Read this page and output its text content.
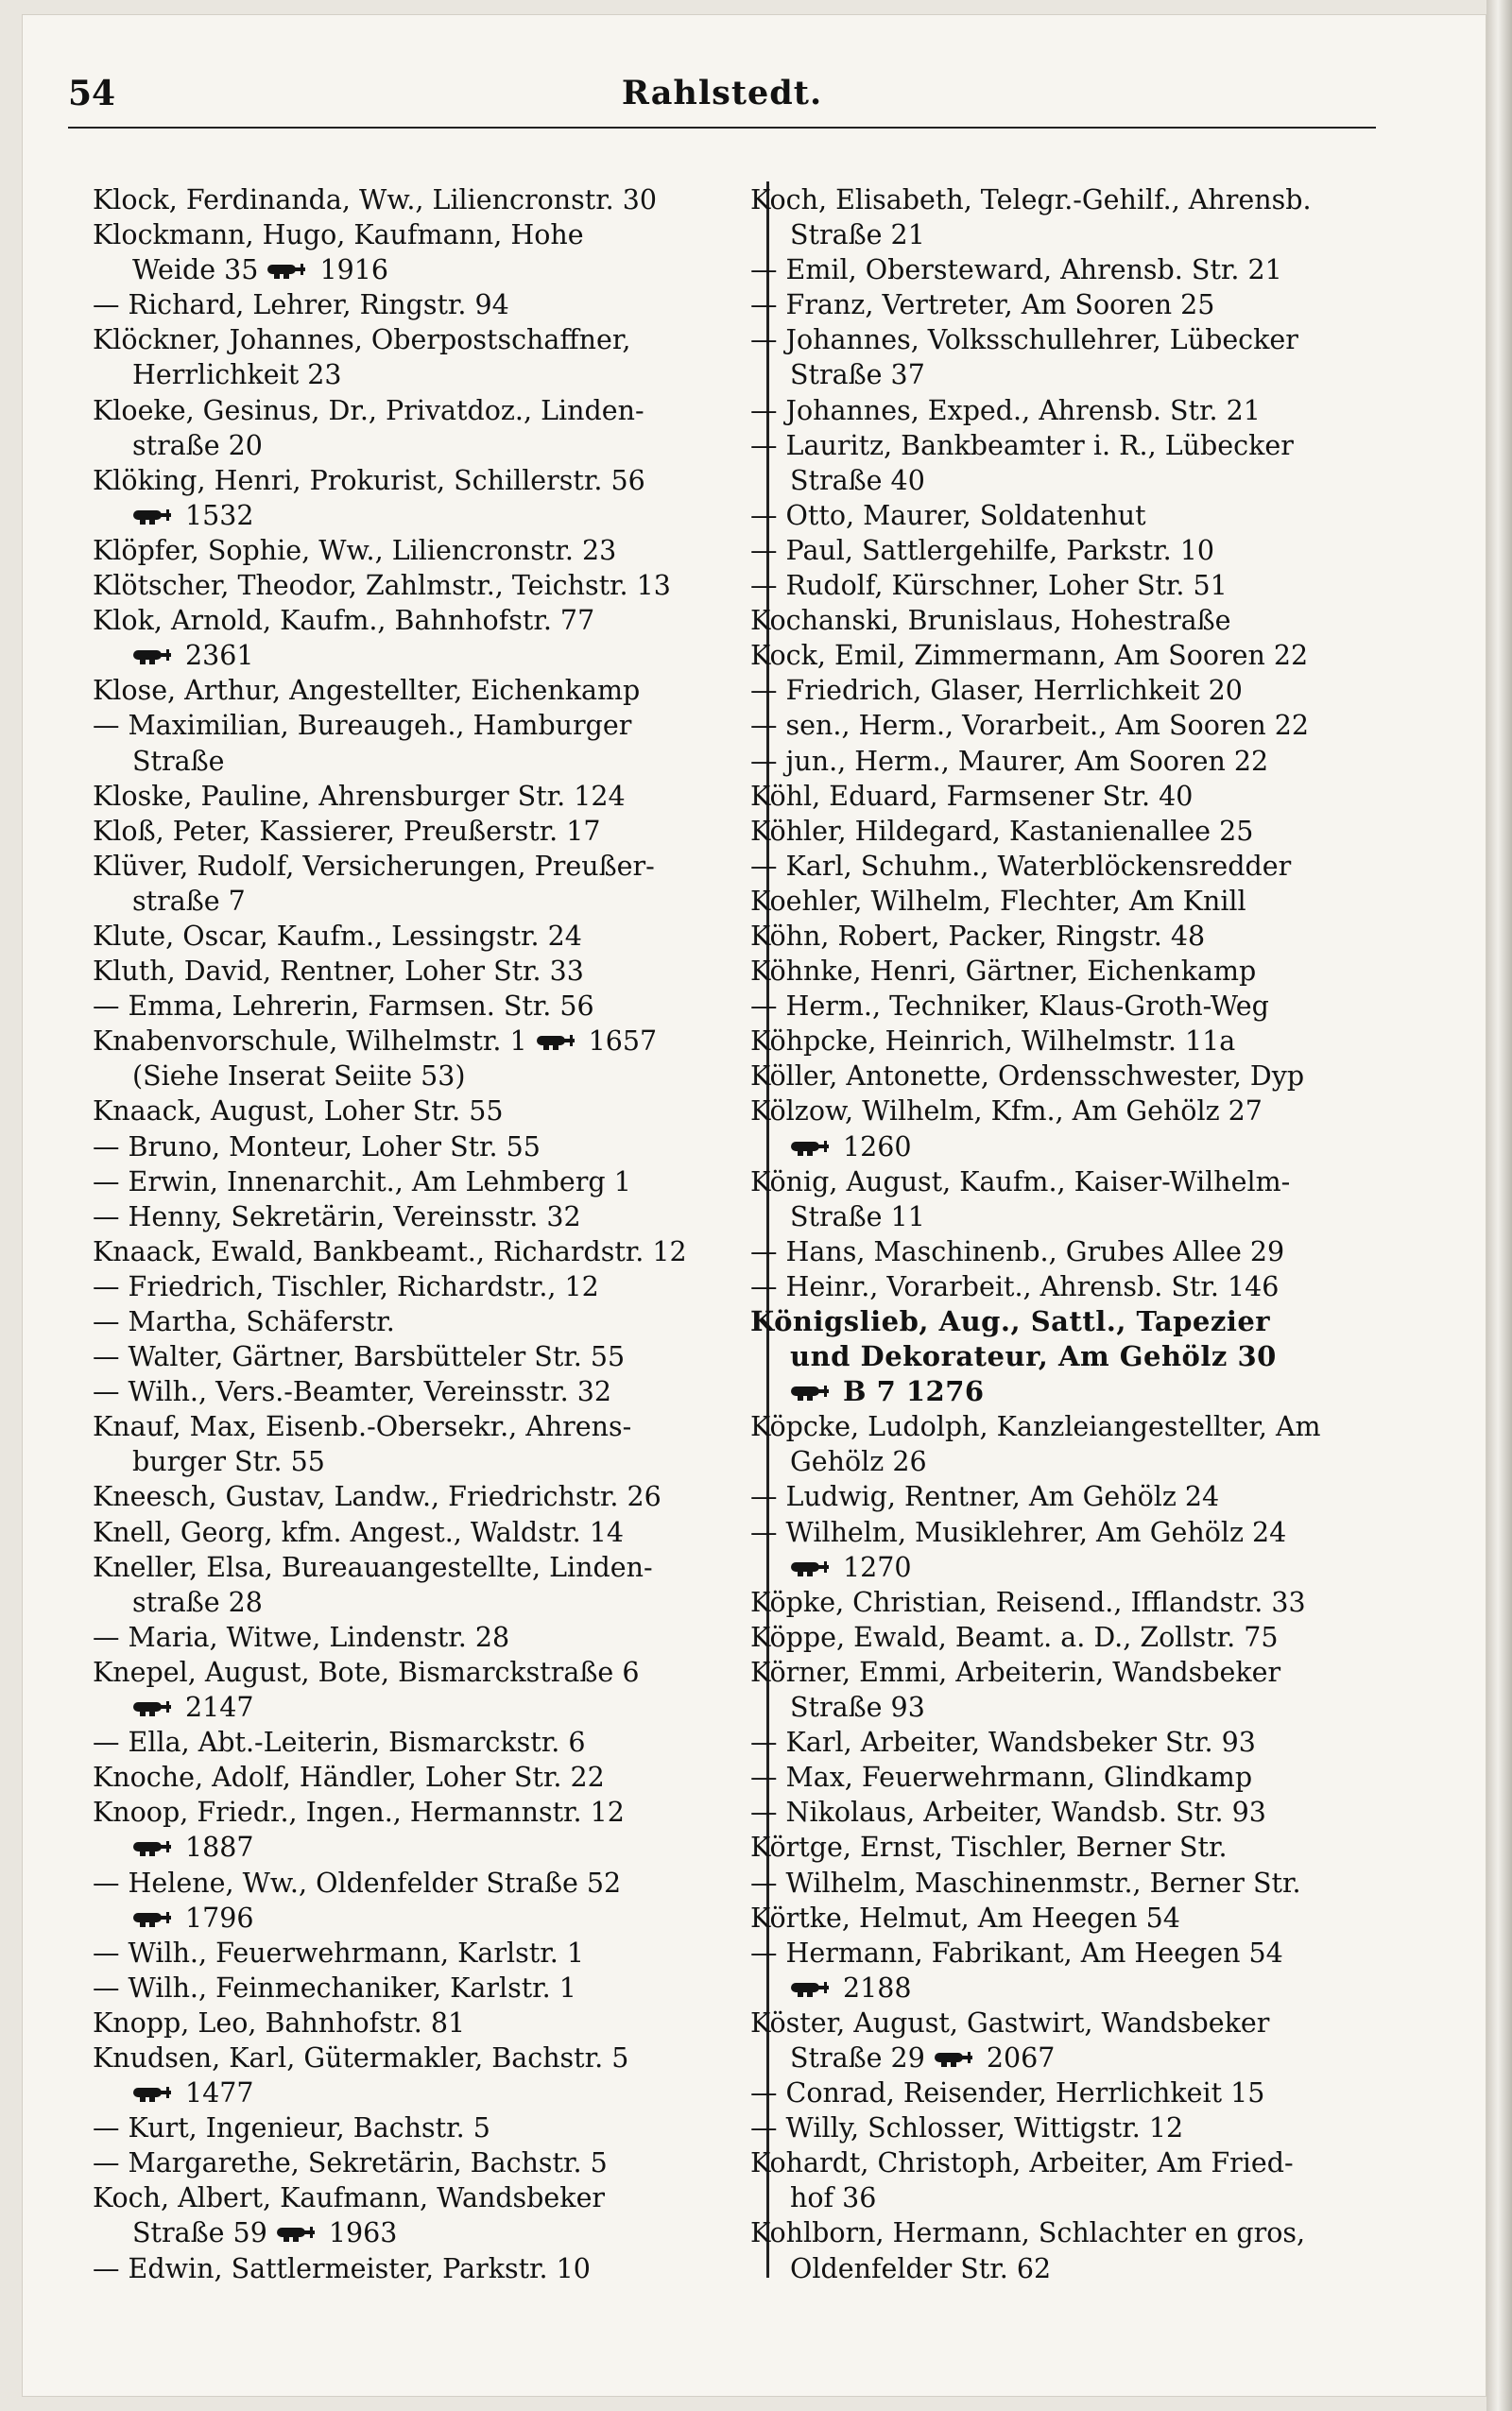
54	Rahlstedt.
Klock, Ferdinanda, Ww., Liliencronstr. 30
Klockmann, Hugo, Kaufmann, Hohe
Weide 35 1916
— Richard, Lehrer, Ringstr. 94
Klöckner, Johannes, Oberpostschaffner,
Herrlichkeit 23
Kloeke, Gesinus, Dr., Privatdoz., Linden-
straße 20
Klöking, Henri, Prokurist, Schillerstr. 56
1532
Klöpfer, Sophie, Ww., Liliencronstr. 23
Klötscher, Theodor, Zahlmstr., Teichstr. 13
Klok, Arnold, Kaufm., Bahnhofstr. 77
2361
Klose, Arthur, Angestellter, Eichenkamp
— Maximilian, Bureaugeh., Hamburger
Straße
Kloske, Pauline, Ahrensburger Str. 124
Kloß, Peter, Kassierer, Preußerstr. 17
Klüver, Rudolf, Versicherungen, Preußer-
straße 7
Klute, Oscar, Kaufm., Lessingstr. 24
Kluth, David, Rentner, Loher Str. 33
— Emma, Lehrerin, Farmsen. Str. 56
Knabenvorschule, Wilhelmstr. 1 1657
(Siehe Inserat Seiite 53)
Knaack, August, Loher Str. 55
— Bruno, Monteur, Loher Str. 55
— Erwin, Innenarchit., Am Lehmberg 1
— Henny, Sekretärin, Vereinsstr. 32
Knaack, Ewald, Bankbeamt., Richardstr. 12
— Friedrich, Tischler, Richardstr., 12
— Martha, Schäferstr.
— Walter, Gärtner, Barsbütteler Str. 55
— Wilh., Vers.-Beamter, Vereinsstr. 32
Knauf, Max, Eisenb.-Obersekr., Ahrens-
burger Str. 55
Kneesch, Gustav, Landw., Friedrichstr. 26
Knell, Georg, kfm. Angest., Waldstr. 14
Kneller, Elsa, Bureauangestellte, Linden-
straße 28
— Maria, Witwe, Lindenstr. 28
Knepel, August, Bote, Bismarckstraße 6
2147
— Ella, Abt.-Leiterin, Bismarckstr. 6
Knoche, Adolf, Händler, Loher Str. 22
Knoop, Friedr., Ingen., Hermannstr. 12
1887
— Helene, Ww., Oldenfelder Straße 52
1796
— Wilh., Feuerwehrmann, Karlstr. 1
— Wilh., Feinmechaniker, Karlstr. 1
Knopp, Leo, Bahnhofstr. 81
Knudsen, Karl, Gütermakler, Bachstr. 5
1477
— Kurt, Ingenieur, Bachstr. 5
— Margarethe, Sekretärin, Bachstr. 5
Koch, Albert, Kaufmann, Wandsbeker
Straße 59 1963
— Edwin, Sattlermeister, Parkstr. 10
Koch, Elisabeth, Telegr.-Gehilf., Ahrensb.
Straße 21
— Emil, Obersteward, Ahrensb. Str. 21
— Franz, Vertreter, Am Sooren 25
— Johannes, Volksschullehrer, Lübecker
Straße 37
— Johannes, Exped., Ahrensb. Str. 21
— Lauritz, Bankbeamter i. R., Lübecker
Straße 40
— Otto, Maurer, Soldatenhut
— Paul, Sattlergehilfe, Parkstr. 10
— Rudolf, Kürschner, Loher Str. 51
Kochanski, Brunislaus, Hohestraße
Kock, Emil, Zimmermann, Am Sooren 22
— Friedrich, Glaser, Herrlichkeit 20
— sen., Herm., Vorarbeit., Am Sooren 22
— jun., Herm., Maurer, Am Sooren 22
Köhl, Eduard, Farmsener Str. 40
Köhler, Hildegard, Kastanienallee 25
— Karl, Schuhm., Waterblöckensredder
Koehler, Wilhelm, Flechter, Am Knill
Köhn, Robert, Packer, Ringstr. 48
Köhnke, Henri, Gärtner, Eichenkamp
— Herm., Techniker, Klaus-Groth-Weg
Köhpcke, Heinrich, Wilhelmstr. 11a
Köller, Antonette, Ordensschwester, Dyp
Kölzow, Wilhelm, Kfm., Am Gehölz 27
1260
König, August, Kaufm., Kaiser-Wilhelm-
Straße 11
— Hans, Maschinenb., Grubes Allee 29
— Heinr., Vorarbeit., Ahrensb. Str. 146
Königslieb, Aug., Sattl., Tapezier
und Dekorateur, Am Gehölz 30
B 7 1276
Köpcke, Ludolph, Kanzleiangestellter, Am
Gehölz 26
— Ludwig, Rentner, Am Gehölz 24
— Wilhelm, Musiklehrer, Am Gehölz 24
1270
Köpke, Christian, Reisend., Ifflandstr. 33
Köppe, Ewald, Beamt. a. D., Zollstr. 75
Körner, Emmi, Arbeiterin, Wandsbeker
Straße 93
— Karl, Arbeiter, Wandsbeker Str. 93
— Max, Feuerwehrmann, Glindkamp
— Nikolaus, Arbeiter, Wandsb. Str. 93
Körtge, Ernst, Tischler, Berner Str.
— Wilhelm, Maschinenmstr., Berner Str.
Körtke, Helmut, Am Heegen 54
— Hermann, Fabrikant, Am Heegen 54
2188
Köster, August, Gastwirt, Wandsbeker
Straße 29 2067
— Conrad, Reisender, Herrlichkeit 15
— Willy, Schlosser, Wittigstr. 12
Kohardt, Christoph, Arbeiter, Am Fried-
hof 36
Kohlborn, Hermann, Schlachter en gros,
Oldenfelder Str. 62
